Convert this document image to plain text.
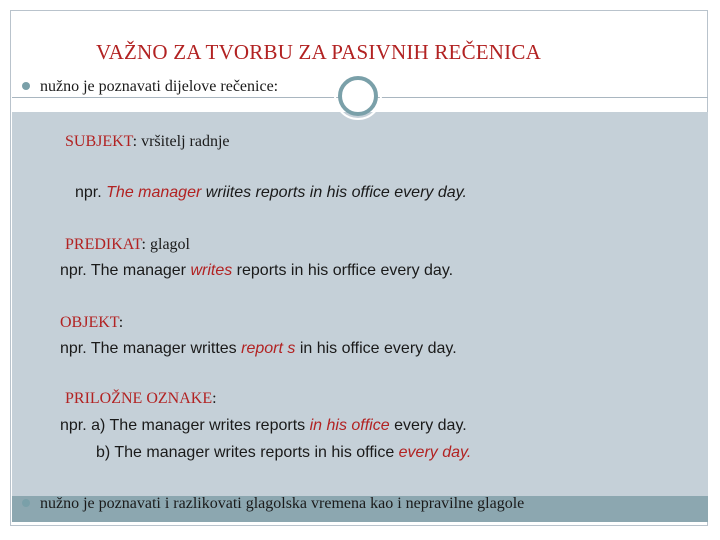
VAŽNO ZA TVORBU ZA PASIVNIH REČENICA
nužno je poznavati dijelove rečenice:
SUBJEKT: vršitelj radnje
npr. The manager wriites reports in his office every day.
PREDIKAT: glagol
npr. The manager writes reports in his orffice every day.
OBJEKT:
npr. The manager writtes report s in his office every day.
PRILOŽNE OZNAKE:
npr. a) The manager writes reports in his office every day.
b) The manager writes reports in his office every day.
nužno je poznavati i razlikovati glagolska vremena kao i nepravilne glagole
